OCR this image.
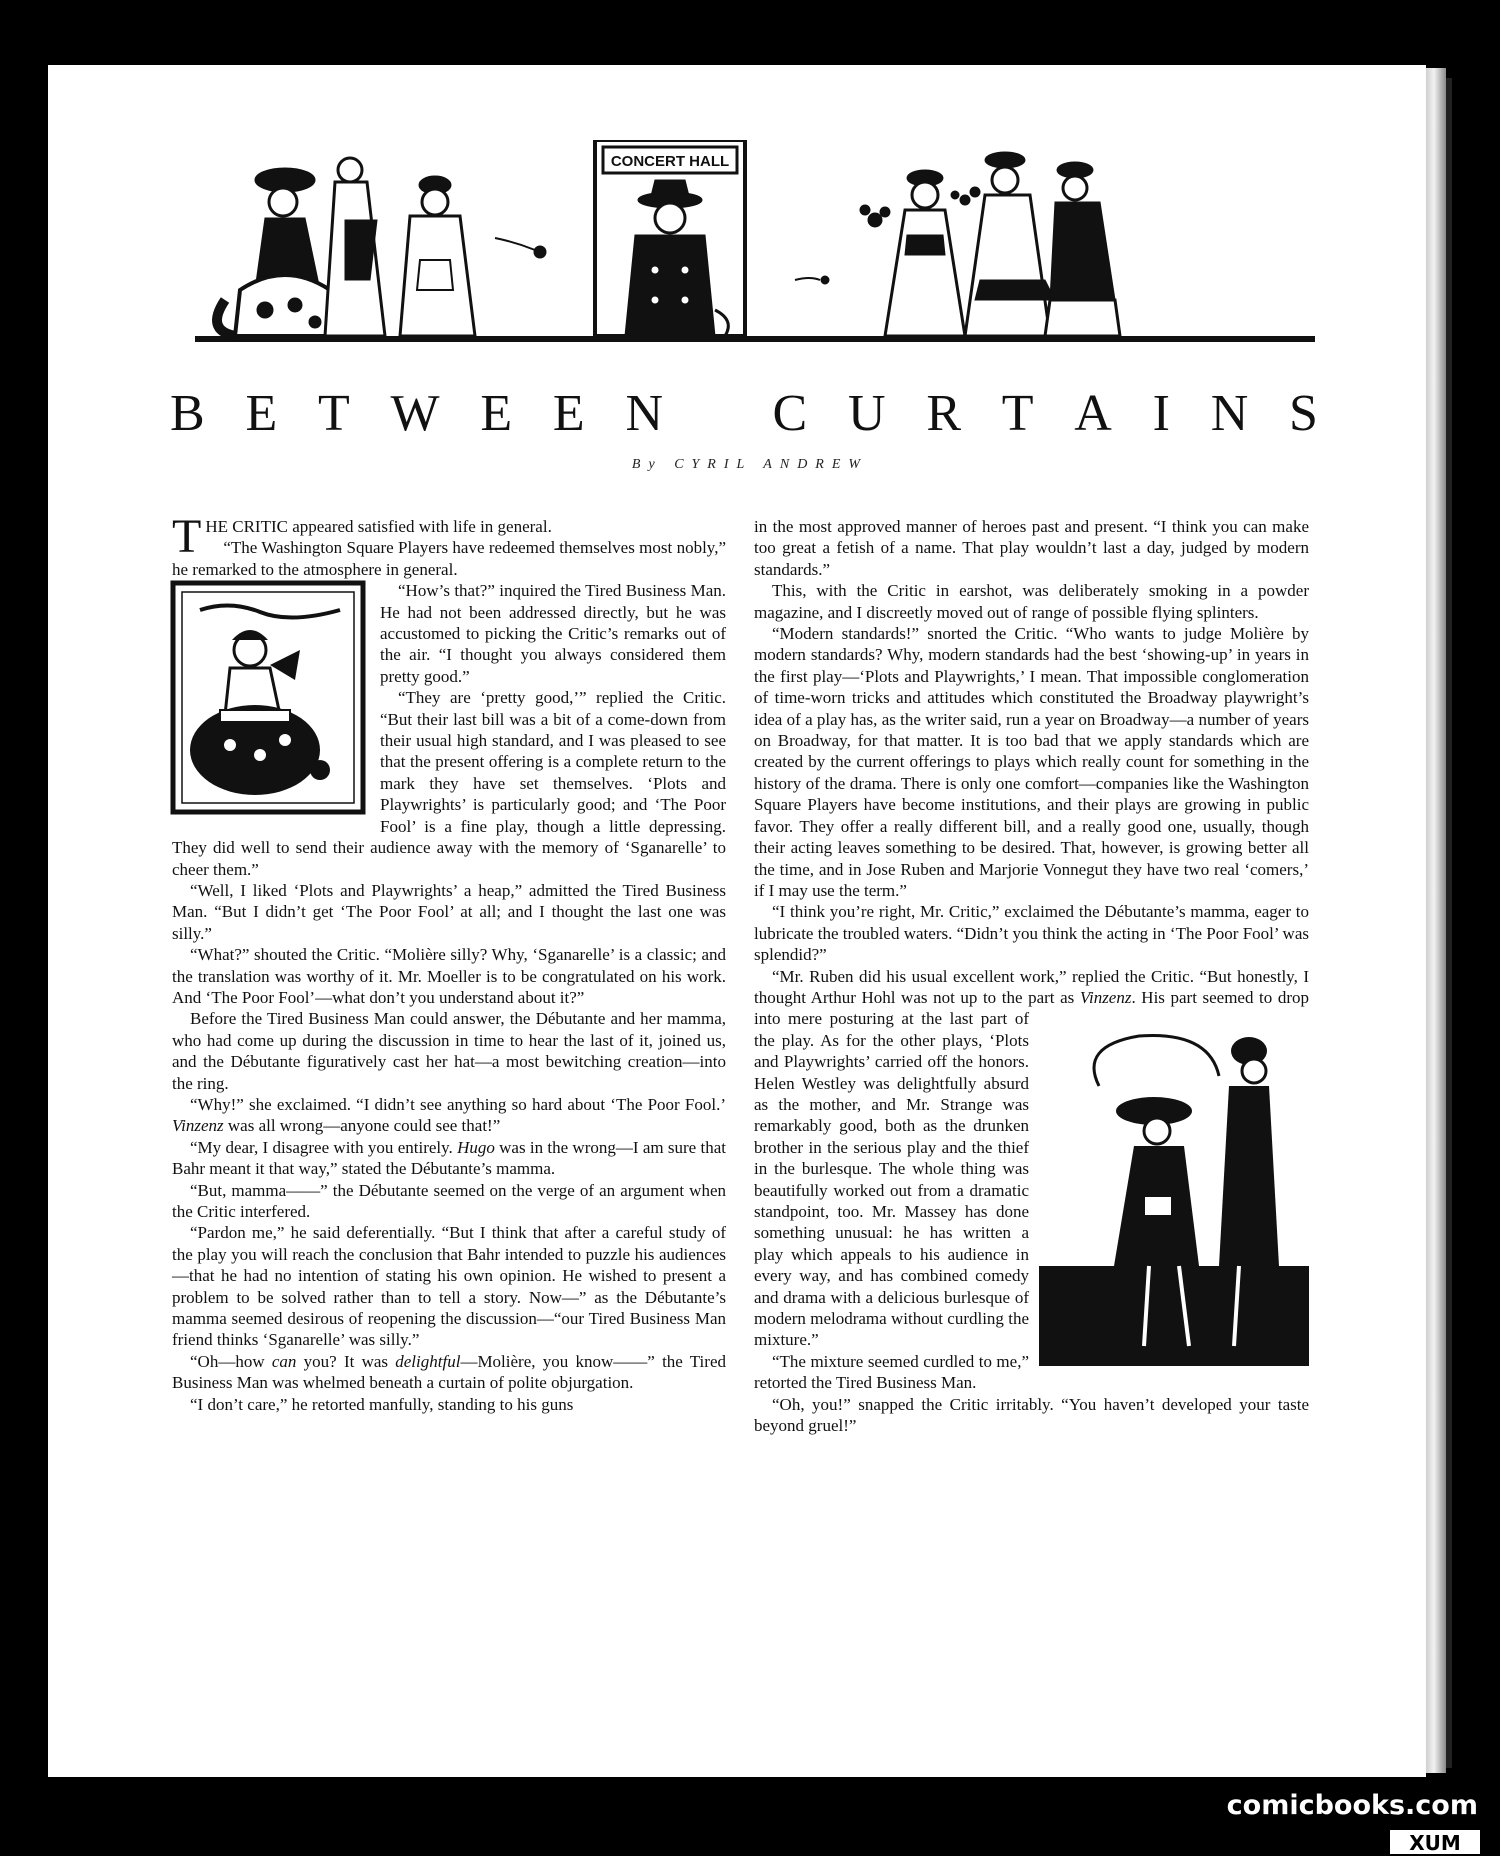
CONCERT HALL
B E T W E E N C U R T A I N S
By CYRIL ANDREW

THE CRITIC appeared satisfied with life in general.

“The Washington Square Players have redeemed themselves most nobly,” he remarked to the atmosphere in general.

“How’s that?” inquired the Tired Business Man. He had not been addressed directly, but he was accustomed to picking the Critic’s remarks out of the air. “I thought you always considered them pretty good.”

“They are ‘pretty good,’” replied the Critic. “But their last bill was a bit of a come-down from their usual high standard, and I was pleased to see that the present offering is a complete return to the mark they have set themselves. ‘Plots and Playwrights’ is particularly good; and ‘The Poor Fool’ is a fine play, though a little depressing. They did well to send their audience away with the memory of ‘Sganarelle’ to cheer them.”

“Well, I liked ‘Plots and Playwrights’ a heap,” admitted the Tired Business Man. “But I didn’t get ‘The Poor Fool’ at all; and I thought the last one was silly.”

“What?” shouted the Critic. “Molière silly? Why, ‘Sganarelle’ is a classic; and the translation was worthy of it. Mr. Moeller is to be congratulated on his work. And ‘The Poor Fool’—what don’t you understand about it?”

Before the Tired Business Man could answer, the Débutante and her mamma, who had come up during the discussion in time to hear the last of it, joined us, and the Débutante figuratively cast her hat—a most bewitching creation—into the ring.

“Why!” she exclaimed. “I didn’t see anything so hard about ‘The Poor Fool.’ Vinzenz was all wrong—anyone could see that!”

“My dear, I disagree with you entirely. Hugo was in the wrong—I am sure that Bahr meant it that way,” stated the Débutante’s mamma.

“But, mamma——” the Débutante seemed on the verge of an argument when the Critic interfered.

“Pardon me,” he said deferentially. “But I think that after a careful study of the play you will reach the conclusion that Bahr intended to puzzle his audiences—that he had no intention of stating his own opinion. He wished to present a problem to be solved rather than to tell a story. Now—” as the Débutante’s mamma seemed desirous of reopening the discussion—“our Tired Business Man friend thinks ‘Sganarelle’ was silly.”

“Oh—how can you? It was delightful—Molière, you know——” the Tired Business Man was whelmed beneath a curtain of polite objurgation.

“I don’t care,” he retorted manfully, standing to his guns

in the most approved manner of heroes past and present. “I think you can make too great a fetish of a name. That play wouldn’t last a day, judged by modern standards.”

This, with the Critic in earshot, was deliberately smoking in a powder magazine, and I discreetly moved out of range of possible flying splinters.

“Modern standards!” snorted the Critic. “Who wants to judge Molière by modern standards? Why, modern standards had the best ‘showing-up’ in years in the first play—‘Plots and Playwrights,’ I mean. That impossible conglomeration of time-worn tricks and attitudes which constituted the Broadway playwright’s idea of a play has, as the writer said, run a year on Broadway—a number of years on Broadway, for that matter. It is too bad that we apply standards which are created by the current offerings to plays which really count for something in the history of the drama. There is only one comfort—companies like the Washington Square Players have become institutions, and their plays are growing in public favor. They offer a really different bill, and a really good one, usually, though their acting leaves something to be desired. That, however, is growing better all the time, and in Jose Ruben and Marjorie Vonnegut they have two real ‘comers,’ if I may use the term.”

“I think you’re right, Mr. Critic,” exclaimed the Débutante’s mamma, eager to lubricate the troubled waters. “Didn’t you think the acting in ‘The Poor Fool’ was splendid?”

“Mr. Ruben did his usual excellent work,” replied the Critic. “But honestly, I thought Arthur Hohl was not up to the part as Vinzenz
. His part seemed to drop into mere posturing at the last part of the play. As for the other plays, ‘Plots and Playwrights’ carried off the honors. Helen Westley was delightfully absurd as the mother, and Mr. Strange was remarkably good, both as the drunken brother in the serious play and the thief in the burlesque. The whole thing was beautifully worked out from a dramatic standpoint, too. Mr. Massey has done something unusual: he has written a play which appeals to his audience in every way, and has combined comedy and drama with a delicious burlesque of modern melodrama without curdling the mixture.”

“The mixture seemed curdled to me,” retorted the Tired Business Man.

“Oh, you!” snapped the Critic irritably. “You haven’t developed your taste beyond gruel!”

comicbooks.com
XUM
